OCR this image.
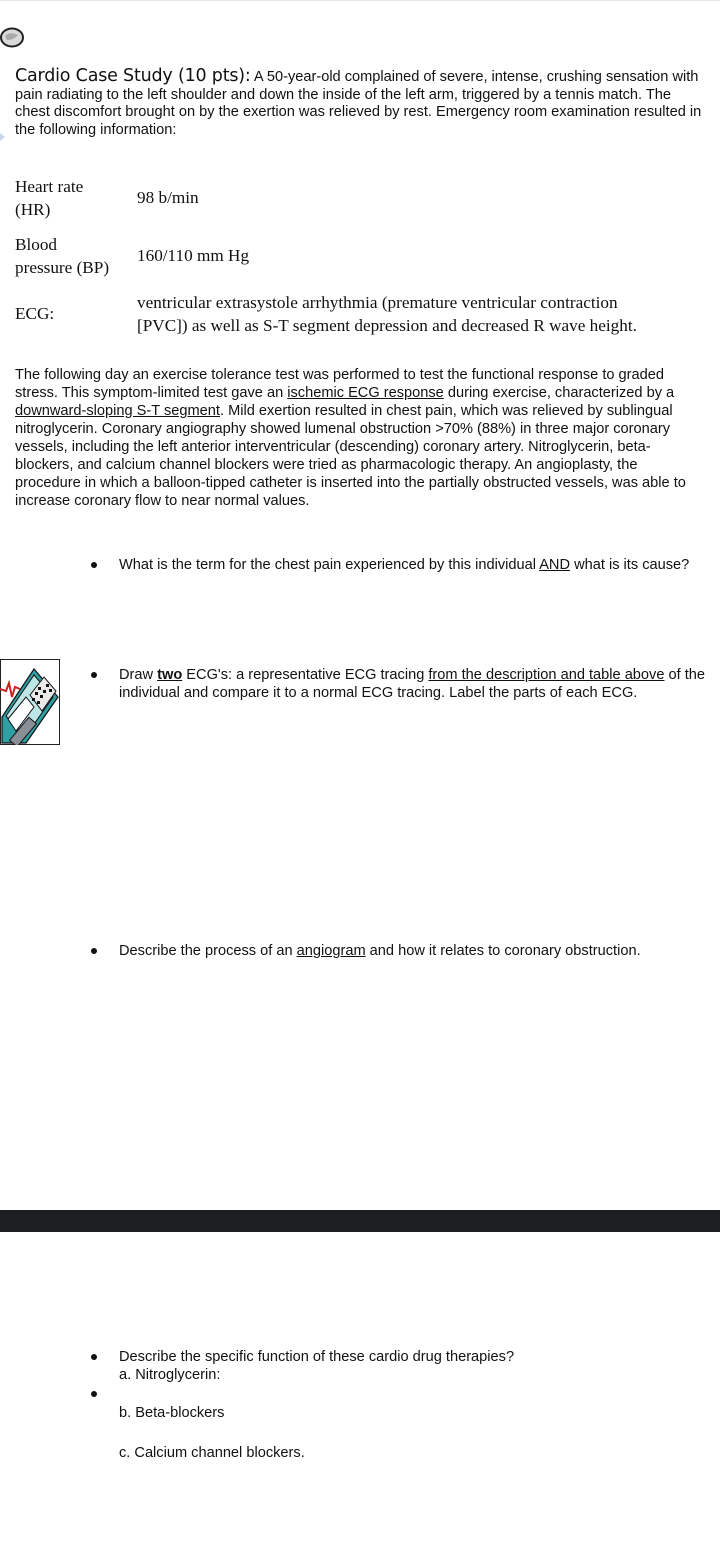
Cardio Case Study (10 pts): A 50-year-old complained of severe, intense, crushing sensation with pain radiating to the left shoulder and down the inside of the left arm, triggered by a tennis match. The chest discomfort brought on by the exertion was relieved by rest. Emergency room examination resulted in the following information:
Heart rate
(HR)
98 b/min
Blood
pressure (BP)
160/110 mm Hg
ECG:
ventricular extrasystole arrhythmia (premature ventricular contraction
[PVC]) as well as S-T segment depression and decreased R wave height.
The following day an exercise tolerance test was performed to test the functional response to graded stress. This symptom-limited test gave an ischemic ECG response during exercise, characterized by a downward-sloping S-T segment. Mild exertion resulted in chest pain, which was relieved by sublingual nitroglycerin. Coronary angiography showed lumenal obstruction >70% (88%) in three major coronary vessels, including the left anterior interventricular (descending) coronary artery. Nitroglycerin, beta-blockers, and calcium channel blockers were tried as pharmacologic therapy. An angioplasty, the procedure in which a balloon-tipped catheter is inserted into the partially obstructed vessels, was able to increase coronary flow to near normal values.
What is the term for the chest pain experienced by this individual AND what is its cause?
Draw two ECG's: a representative ECG tracing from the description and table above of the individual and compare it to a normal ECG tracing. Label the parts of each ECG.
Describe the process of an angiogram and how it relates to coronary obstruction.
Describe the specific function of these cardio drug therapies?
a. Nitroglycerin:
b. Beta-blockers
c. Calcium channel blockers.
